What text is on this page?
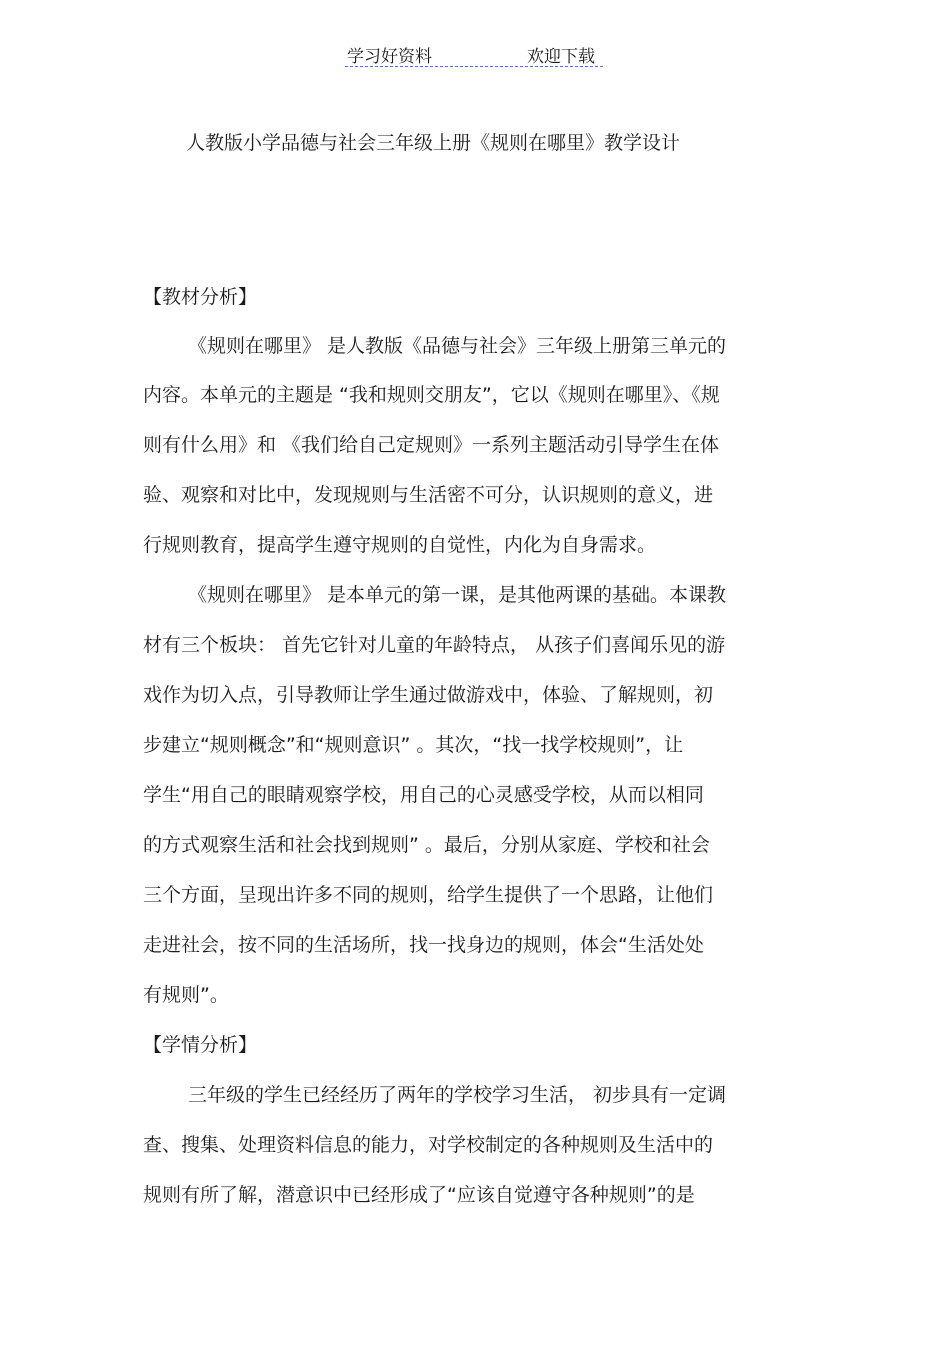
学习好资料	欢迎下载
人教版小学品德与社会三年级上册《规则在哪里》教学设计
【教材分析】
《规则在哪里》 是人教版《品德与社会》三年级上册第三单元的
内容。本单元的主题是 “我和规则交朋友”，它以《规则在哪里》、《规
则有什么用》和 《我们给自己定规则》一系列主题活动引导学生在体
验、观察和对比中，发现规则与生活密不可分，认识规则的意义，进
行规则教育，提高学生遵守规则的自觉性，内化为自身需求。
《规则在哪里》 是本单元的第一课，是其他两课的基础。本课教
材有三个板块： 首先它针对儿童的年龄特点， 从孩子们喜闻乐见的游
戏作为切入点，引导教师让学生通过做游戏中，体验、了解规则，初
步建立“规则概念”和“规则意识” 。其次，“找一找学校规则”，让
学生“用自己的眼睛观察学校，用自己的心灵感受学校，从而以相同
的方式观察生活和社会找到规则” 。最后，分别从家庭、学校和社会
三个方面，呈现出许多不同的规则，给学生提供了一个思路，让他们
走进社会，按不同的生活场所，找一找身边的规则，体会“生活处处
有规则”。
【学情分析】
三年级的学生已经经历了两年的学校学习生活， 初步具有一定调
查、搜集、处理资料信息的能力，对学校制定的各种规则及生活中的
规则有所了解，潜意识中已经形成了“应该自觉遵守各种规则”的是
